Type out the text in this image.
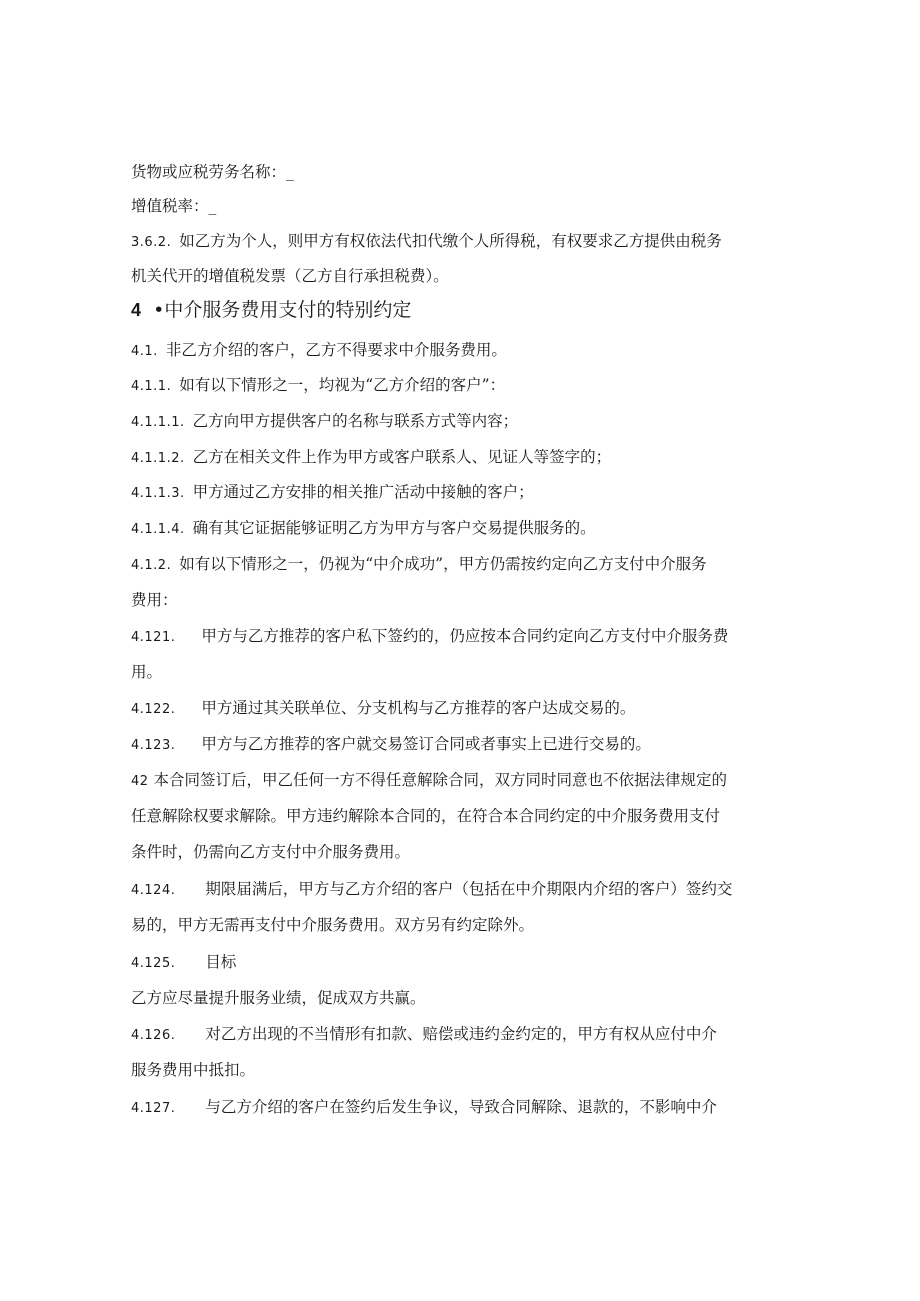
货物或应税劳务名称：_
增值税率：_
3.6.2. 如乙方为个人，则甲方有权依法代扣代缴个人所得税，有权要求乙方提供由税务
机关代开的增值税发票（乙方自行承担税费）。
4 •中介服务费用支付的特别约定
4.1. 非乙方介绍的客户，乙方不得要求中介服务费用。
4.1.1. 如有以下情形之一，均视为“乙方介绍的客户”：
4.1.1.1. 乙方向甲方提供客户的名称与联系方式等内容；
4.1.1.2. 乙方在相关文件上作为甲方或客户联系人、见证人等签字的；
4.1.1.3. 甲方通过乙方安排的相关推广活动中接触的客户；
4.1.1.4. 确有其它证据能够证明乙方为甲方与客户交易提供服务的。
4.1.2. 如有以下情形之一，仍视为“中介成功”，甲方仍需按约定向乙方支付中介服务
费用：
4.121. 甲方与乙方推荐的客户私下签约的，仍应按本合同约定向乙方支付中介服务费
用。
4.122. 甲方通过其关联单位、分支机构与乙方推荐的客户达成交易的。
4.123. 甲方与乙方推荐的客户就交易签订合同或者事实上已进行交易的。
42 本合同签订后，甲乙任何一方不得任意解除合同，双方同时同意也不依据法律规定的
任意解除权要求解除。甲方违约解除本合同的，在符合本合同约定的中介服务费用支付
条件时，仍需向乙方支付中介服务费用。
4.124. 期限届满后，甲方与乙方介绍的客户（包括在中介期限内介绍的客户）签约交
易的，甲方无需再支付中介服务费用。双方另有约定除外。
4.125. 目标
乙方应尽量提升服务业绩，促成双方共赢。
4.126. 对乙方出现的不当情形有扣款、赔偿或违约金约定的，甲方有权从应付中介
服务费用中抵扣。
4.127. 与乙方介绍的客户在签约后发生争议，导致合同解除、退款的，不影响中介
